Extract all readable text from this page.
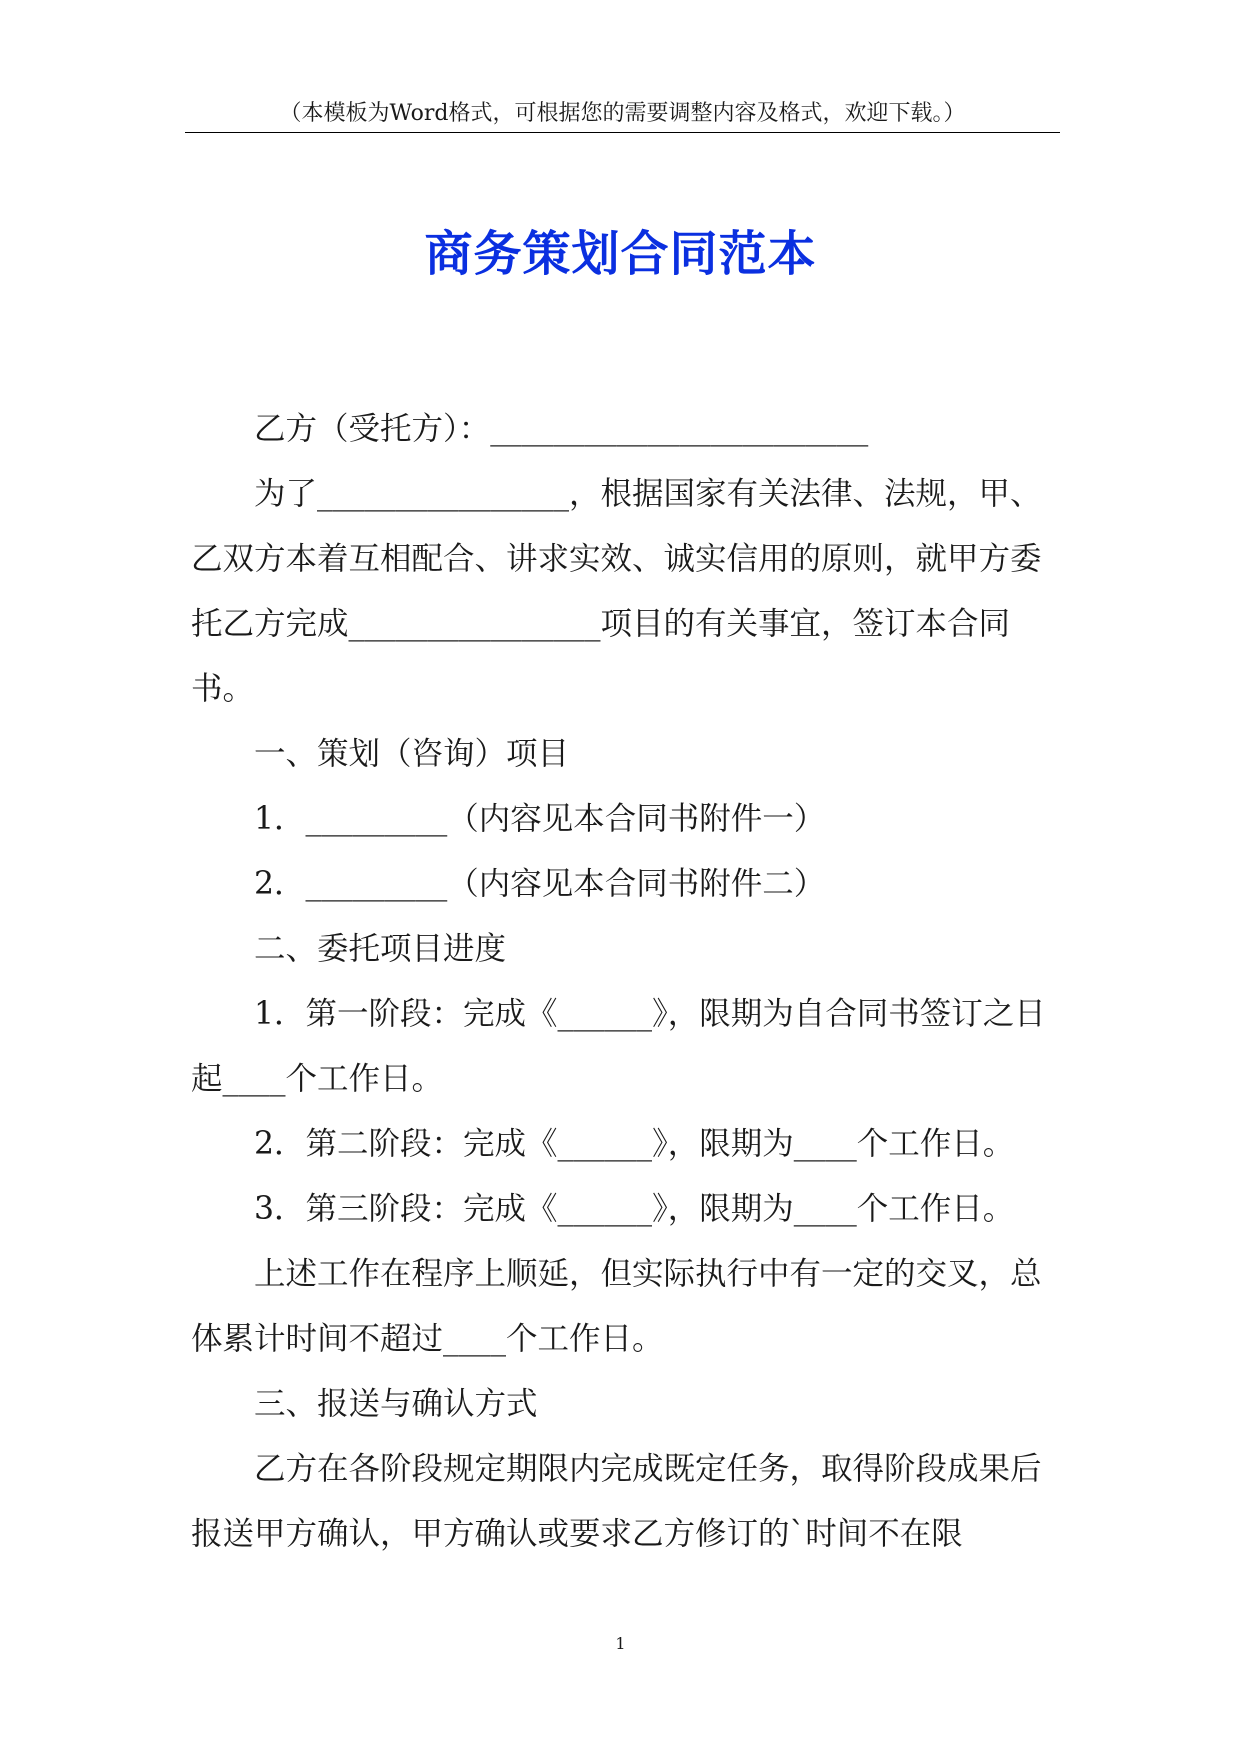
（本模板为Word格式，可根据您的需要调整内容及格式，欢迎下载。）
商务策划合同范本

乙方（受托方）：________________________

为了________________，根据国家有关法律、法规，甲、乙双方本着互相配合、讲求实效、诚实信用的原则，就甲方委托乙方完成________________项目的有关事宜，签订本合同书。

一、策划（咨询）项目

1．_________（内容见本合同书附件一）

2．_________（内容见本合同书附件二）

二、委托项目进度

1．第一阶段：完成《______》，限期为自合同书签订之日起____个工作日。

2．第二阶段：完成《______》，限期为____个工作日。

3．第三阶段：完成《______》，限期为____个工作日。

上述工作在程序上顺延，但实际执行中有一定的交叉，总体累计时间不超过____个工作日。

三、报送与确认方式

乙方在各阶段规定期限内完成既定任务，取得阶段成果后报送甲方确认，甲方确认或要求乙方修订的`时间不在限

1
